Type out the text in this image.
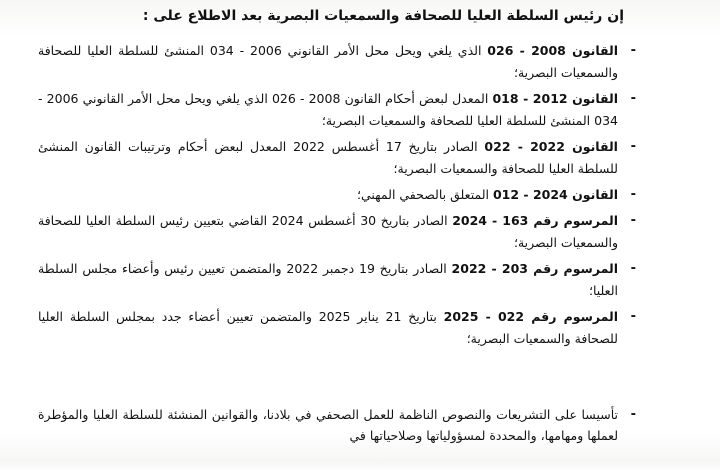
إن رئيس السلطة العليا للصحافة والسمعيات البصرية بعد الاطلاع على :
-
القانون 2008 - 026 الذي يلغي ويحل محل الأمر القانوني 2006 - 034 المنشئ للسلطة العليا للصحافة والسمعيات البصرية؛
-
القانون 2012 - 018 المعدل لبعض أحكام القانون 2008 - 026 الذي يلغي ويحل محل الأمر القانوني 2006 - 034 المنشئ للسلطة العليا للصحافة والسمعيات البصرية؛
-
القانون 2022 - 022 الصادر بتاريخ 17 أغسطس 2022 المعدل لبعض أحكام وترتيبات القانون المنشئ للسلطة العليا للصحافة والسمعيات البصرية؛
-
القانون 2024 - 012 المتعلق بالصحفي المهني؛
-
المرسوم رقم 163 - 2024 الصادر بتاريخ 30 أغسطس 2024 القاضي بتعيين رئيس السلطة العليا للصحافة والسمعيات البصرية؛
-
المرسوم رقم 203 - 2022 الصادر بتاريخ 19 دجمبر 2022 والمتضمن تعيين رئيس وأعضاء مجلس السلطة العليا؛
-
المرسوم رقم 022 - 2025 بتاريخ 21 يناير 2025 والمتضمن تعيين أعضاء جدد بمجلس السلطة العليا للصحافة والسمعيات البصرية؛
-
تأسيسا على التشريعات والنصوص الناظمة للعمل الصحفي في بلادنا، والقوانين المنشئة للسلطة العليا والمؤطرة لعملها ومهامها، والمحددة لمسؤولياتها وصلاحياتها في
